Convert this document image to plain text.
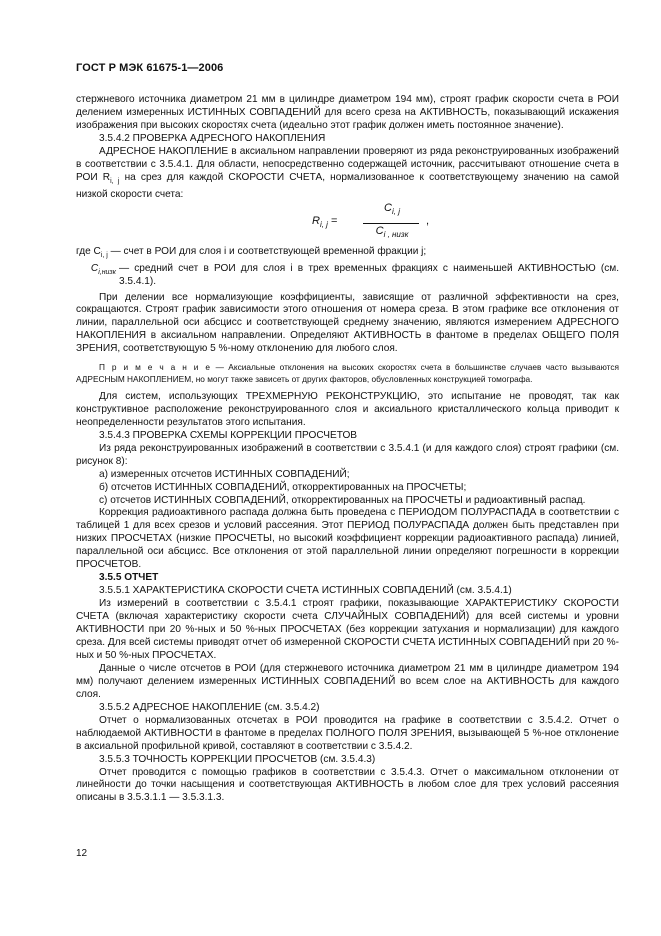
ГОСТ Р МЭК 61675-1—2006

стержневого источника диаметром 21 мм в цилиндре диаметром 194 мм), строят график скорости счета в РОИ делением измеренных ИСТИННЫХ СОВПАДЕНИЙ для всего среза на АКТИВНОСТЬ, показывающий искажения изображения при высоких скоростях счета (идеально этот график должен иметь постоянное значение).

3.5.4.2 ПРОВЕРКА АДРЕСНОГО НАКОПЛЕНИЯ

АДРЕСНОЕ НАКОПЛЕНИЕ в аксиальном направлении проверяют из ряда реконструированных изображений в соответствии с 3.5.4.1. Для области, непосредственно содержащей источник, рассчитывают отношение счета в РОИ $R_{i, j}$ на срез для каждой СКОРОСТИ СЧЕТА, нормализованное к соответствующему значению на самой низкой скорости счета:

$R_{i, j}$ =
$C_{i, j}$
$C_{i , низк}$
,

где $C_{i, j}$ — счет в РОИ для слоя i и соответствующей временной фракции j;

$C_{i,низк}$ — средний счет в РОИ для слоя i в трех временных фракциях с наименьшей АКТИВНОСТЬЮ (см. 3.5.4.1).

При делении все нормализующие коэффициенты, зависящие от различной эффективности на срез, сокращаются. Строят график зависимости этого отношения от номера среза. В этом графике все отклонения от линии, параллельной оси абсцисс и соответствующей среднему значению, являются измерением АДРЕСНОГО НАКОПЛЕНИЯ в аксиальном направлении. Определяют АКТИВНОСТЬ в фантоме в пределах ОБЩЕГО ПОЛЯ ЗРЕНИЯ, соответствующую 5 %-ному отклонению для любого слоя.

П р и м е ч а н и е — Аксиальные отклонения на высоких скоростях счета в большинстве случаев часто вызываются АДРЕСНЫМ НАКОПЛЕНИЕМ, но могут также зависеть от других факторов, обусловленных конструкцией томографа.

Для систем, использующих ТРЕХМЕРНУЮ РЕКОНСТРУКЦИЮ, это испытание не проводят, так как конструктивное расположение реконструированного слоя и аксиального кристаллического кольца приводит к неопределенности результатов этого испытания.

3.5.4.3 ПРОВЕРКА СХЕМЫ КОРРЕКЦИИ ПРОСЧЕТОВ

Из ряда реконструированных изображений в соответствии с 3.5.4.1 (и для каждого слоя) строят графики (см. рисунок 8):

а) измеренных отсчетов ИСТИННЫХ СОВПАДЕНИЙ;

б) отсчетов ИСТИННЫХ СОВПАДЕНИЙ, откорректированных на ПРОСЧЕТЫ;

с) отсчетов ИСТИННЫХ СОВПАДЕНИЙ, откорректированных на ПРОСЧЕТЫ и радиоактивный распад.

Коррекция радиоактивного распада должна быть проведена с ПЕРИОДОМ ПОЛУРАСПАДА в соответствии с таблицей 1 для всех срезов и условий рассеяния. Этот ПЕРИОД ПОЛУРАСПАДА должен быть представлен при низких ПРОСЧЕТАХ (низкие ПРОСЧЕТЫ, но высокий коэффициент коррекции радиоактивного распада) линией, параллельной оси абсцисс. Все отклонения от этой параллельной линии определяют погрешности в коррекции ПРОСЧЕТОВ.

3.5.5 ОТЧЕТ

3.5.5.1 ХАРАКТЕРИСТИКА СКОРОСТИ СЧЕТА ИСТИННЫХ СОВПАДЕНИЙ (см. 3.5.4.1)

Из измерений в соответствии с 3.5.4.1 строят графики, показывающие ХАРАКТЕРИСТИКУ СКОРОСТИ СЧЕТА (включая характеристику скорости счета СЛУЧАЙНЫХ СОВПАДЕНИЙ) для всей системы и уровни АКТИВНОСТИ при 20 %-ных и 50 %-ных ПРОСЧЕТАХ (без коррекции затухания и нормализации) для каждого среза. Для всей системы приводят отчет об измеренной СКОРОСТИ СЧЕТА ИСТИННЫХ СОВПАДЕНИЙ при 20 %-ных и 50 %-ных ПРОСЧЕТАХ.

Данные о числе отсчетов в РОИ (для стержневого источника диаметром 21 мм в цилиндре диаметром 194 мм) получают делением измеренных ИСТИННЫХ СОВПАДЕНИЙ во всем слое на АКТИВНОСТЬ для каждого слоя.

3.5.5.2 АДРЕСНОЕ НАКОПЛЕНИЕ (см. 3.5.4.2)

Отчет о нормализованных отсчетах в РОИ проводится на графике в соответствии с 3.5.4.2. Отчет о наблюдаемой АКТИВНОСТИ в фантоме в пределах ПОЛНОГО ПОЛЯ ЗРЕНИЯ, вызывающей 5 %-ное отклонение в аксиальной профильной кривой, составляют в соответствии с 3.5.4.2.

3.5.5.3 ТОЧНОСТЬ КОРРЕКЦИИ ПРОСЧЕТОВ (см. 3.5.4.3)

Отчет проводится с помощью графиков в соответствии с 3.5.4.3. Отчет о максимальном отклонении от линейности до точки насыщения и соответствующая АКТИВНОСТЬ в любом слое для трех условий рассеяния описаны в 3.5.3.1.1 — 3.5.3.1.3.

12
